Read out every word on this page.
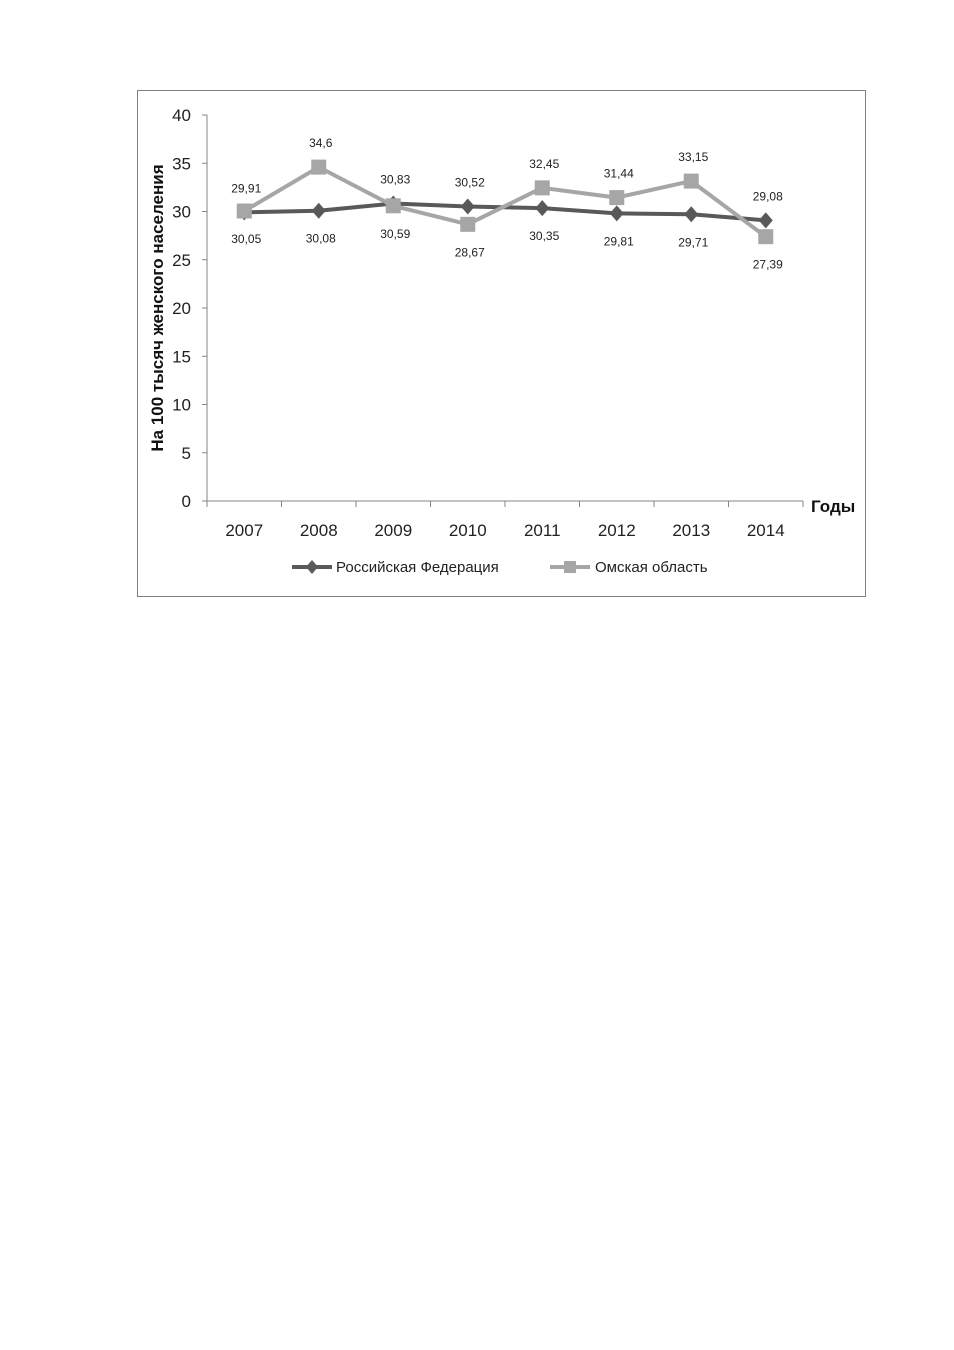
0
5
10
15
20
25
30
35
40
2007 2008 2009 2010 2011 2012 2013 2014
29,91
30,08
30,83	30,52
30,35	29,81	29,71
29,08
30,05
34,6
30,59
28,67
32,45
31,44
33,15
27,39
На 100 тысяч женского населения
Годы
Российская Федерация	Омская область
